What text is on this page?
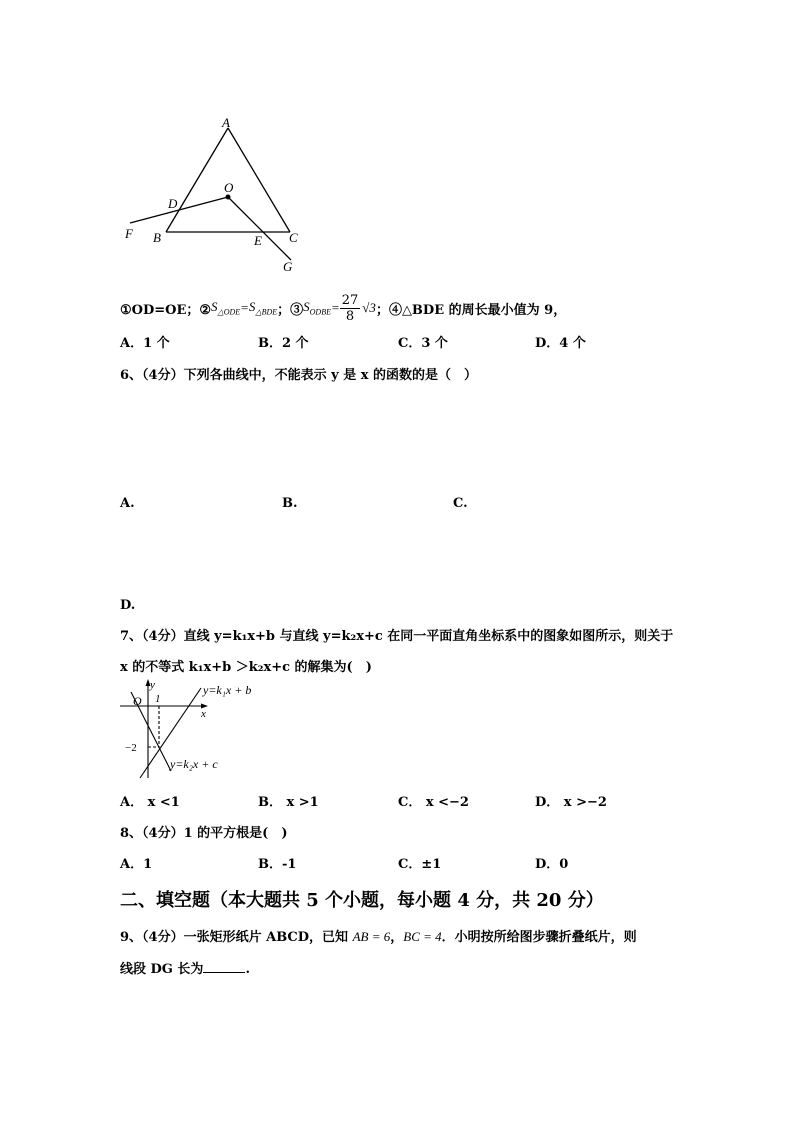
A
O
D
F B	E C
G
①OD=OE；② $S_{\triangle ODE} = S_{\triangle BDE}$ ；③ $S_{ODBE} = \frac{27}{8} √3$ ；④△BDE 的周长最小值为 9，
A．1 个	B．2 个	C．3 个	D．4 个
6、（4分）下列各曲线中，不能表示 y 是 x 的函数的是（　）
A.	B.	C.
D.
7、（4分）直线 y=k₁x+b 与直线 y=k₂x+c 在同一平面直角坐标系中的图象如图所示，则关于
x 的不等式 k₁x+b ＞k₂x+c 的解集为(　)
y
x
O 1
−2
y=k₁x + b
y=k₂x + c
A． x <1	B． x >1	C． x <−2	D． x >−2
8、（4分）1 的平方根是(　)
A．1	B．-1	C．±1	D．0
二、填空题（本大题共 5 个小题，每小题 4 分，共 20 分）
9、（4分）一张矩形纸片 ABCD，已知 AB = 6，BC = 4．小明按所给图步骤折叠纸片，则
线段 DG 长为	.
